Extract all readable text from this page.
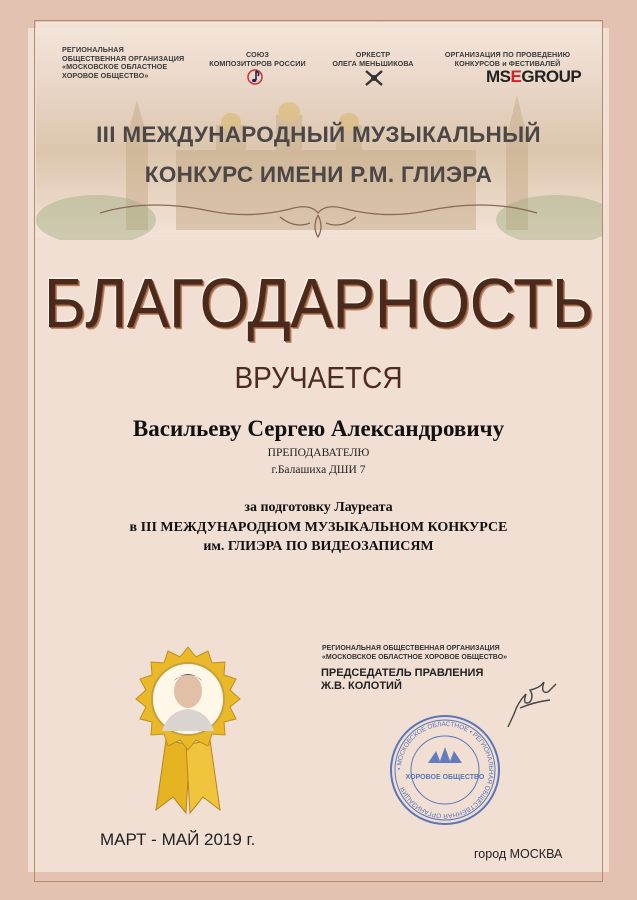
РЕГИОНАЛЬНАЯ
ОБЩЕСТВЕННАЯ ОРГАНИЗАЦИЯ
«МОСКОВСКОЕ ОБЛАСТНОЕ
ХОРОВОЕ ОБЩЕСТВО»
СОЮЗ
КОМПОЗИТОРОВ РОССИИ
ОРКЕСТР
ОЛЕГА МЕНЬШИКОВА
ОРГАНИЗАЦИЯ ПО ПРОВЕДЕНИЮ
КОНКУРСОВ и ФЕСТИВАЛЕЙ
MSEGROUP
III МЕЖДУНАРОДНЫЙ МУЗЫКАЛЬНЫЙ
КОНКУРС ИМЕНИ Р.М. ГЛИЭРА
БЛАГОДАРНОСТЬ
ВРУЧАЕТСЯ
Васильеву Сергею Александровичу
ПРЕПОДАВАТЕЛЮ
г.Балашиха ДШИ 7
за подготовку Лауреата
в III МЕЖДУНАРОДНОМ МУЗЫКАЛЬНОМ КОНКУРСЕ
им. ГЛИЭРА ПО ВИДЕОЗАПИСЯМ
РЕГИОНАЛЬНАЯ ОБЩЕСТВЕННАЯ ОРГАНИЗАЦИЯ
«МОСКОВСКОЕ ОБЛАСТНОЕ ХОРОВОЕ ОБЩЕСТВО»
ПРЕДСЕДАТЕЛЬ ПРАВЛЕНИЯ
Ж.В. КОЛОТИЙ
• МОСКОВСКОЕ ОБЛАСТНОЕ • РЕГИОНАЛЬНАЯ ОБЩЕСТВЕННАЯ ОРГАНИЗАЦИЯ
ХОРОВОЕ ОБЩЕСТВО
МАРТ - МАЙ 2019 г.
город МОСКВА
